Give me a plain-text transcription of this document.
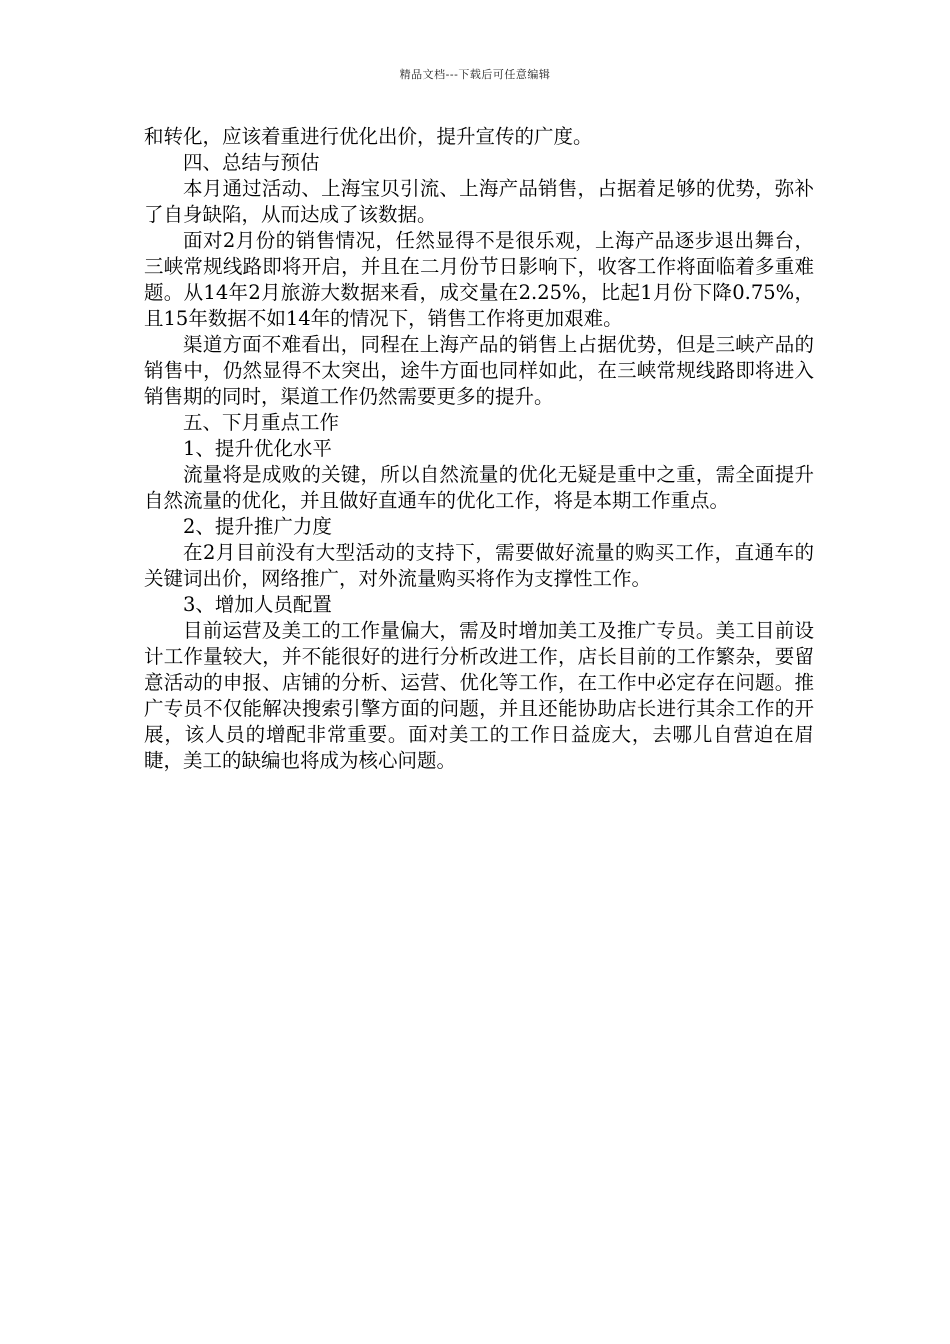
精品文档---下载后可任意编辑

和转化，应该着重进行优化出价，提升宣传的广度。

四、总结与预估

本月通过活动、上海宝贝引流、上海产品销售，占据着足够的优势，弥补了自身缺陷，从而达成了该数据。

面对2月份的销售情况，任然显得不是很乐观，上海产品逐步退出舞台，三峡常规线路即将开启，并且在二月份节日影响下，收客工作将面临着多重难题。从14年2月旅游大数据来看，成交量在2.25%，比起1月份下降0.75%，且15年数据不如14年的情况下，销售工作将更加艰难。

渠道方面不难看出，同程在上海产品的销售上占据优势，但是三峡产品的销售中，仍然显得不太突出，途牛方面也同样如此，在三峡常规线路即将进入销售期的同时，渠道工作仍然需要更多的提升。

五、下月重点工作

1、提升优化水平

流量将是成败的关键，所以自然流量的优化无疑是重中之重，需全面提升自然流量的优化，并且做好直通车的优化工作，将是本期工作重点。

2、提升推广力度

在2月目前没有大型活动的支持下，需要做好流量的购买工作，直通车的关键词出价，网络推广，对外流量购买将作为支撑性工作。

3、增加人员配置

目前运营及美工的工作量偏大，需及时增加美工及推广专员。美工目前设计工作量较大，并不能很好的进行分析改进工作，店长目前的工作繁杂，要留意活动的申报、店铺的分析、运营、优化等工作，在工作中必定存在问题。推广专员不仅能解决搜索引擎方面的问题，并且还能协助店长进行其余工作的开展，该人员的增配非常重要。面对美工的工作日益庞大，去哪儿自营迫在眉睫，美工的缺编也将成为核心问题。
